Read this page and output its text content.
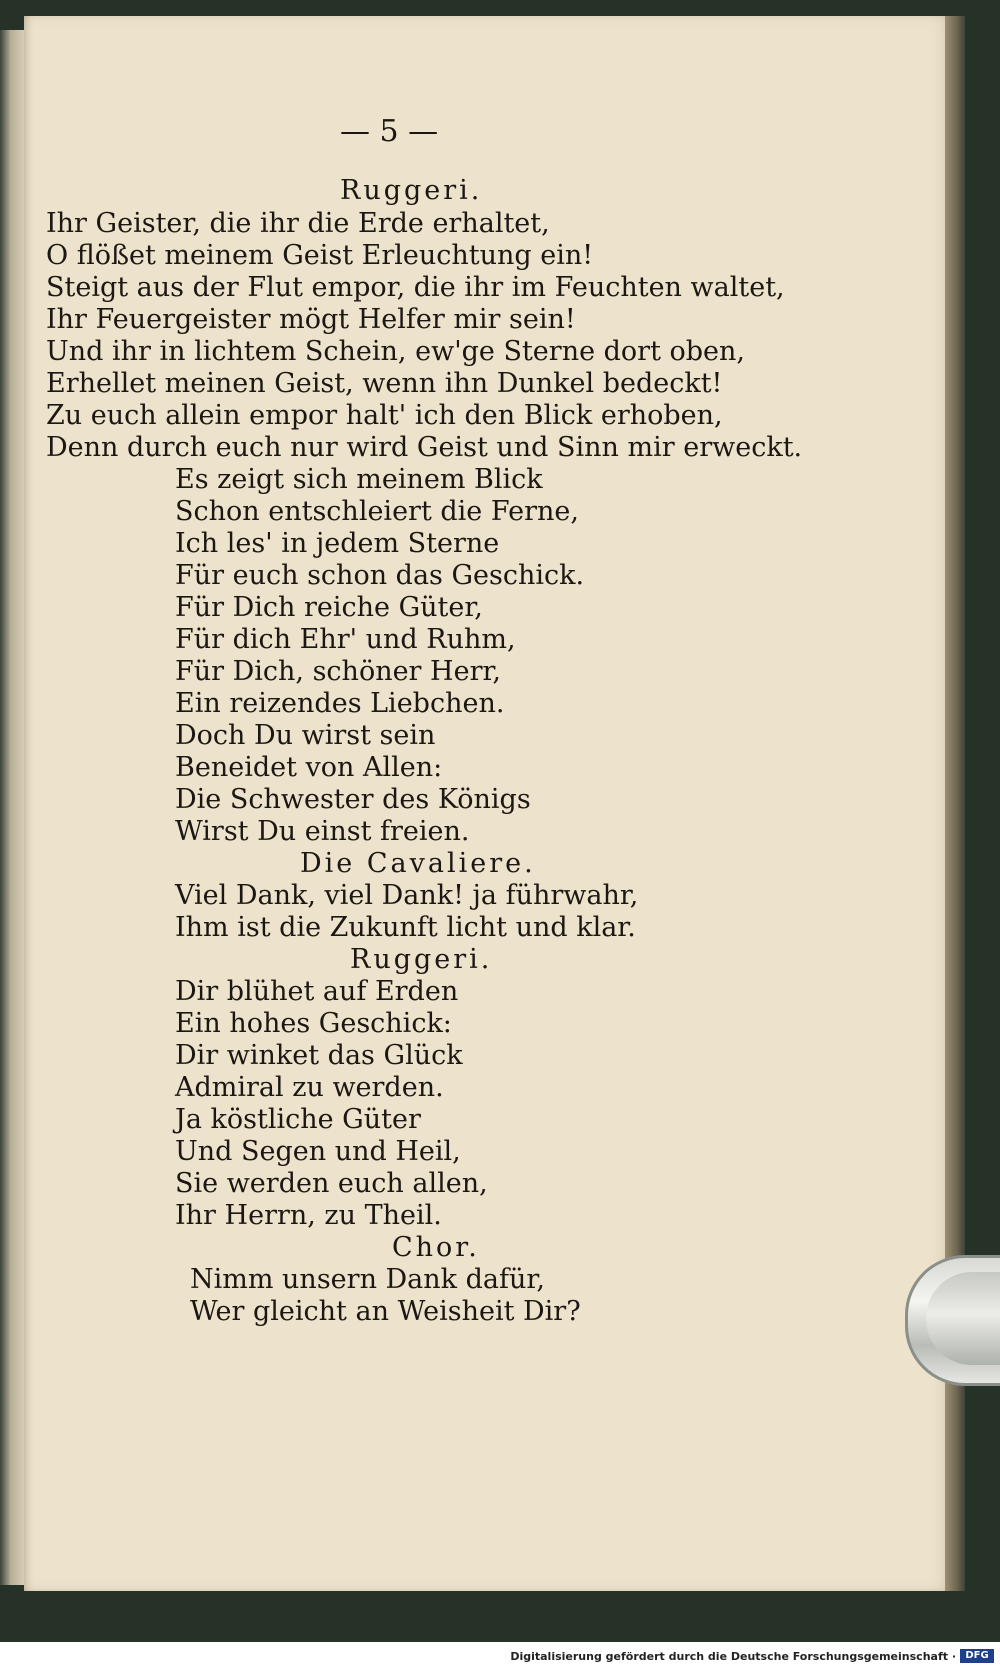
— 5 —
Ruggeri.
Ihr Geister, die ihr die Erde erhaltet,
O flößet meinem Geist Erleuchtung ein!
Steigt aus der Flut empor, die ihr im Feuchten waltet,
Ihr Feuergeister mögt Helfer mir sein!
Und ihr in lichtem Schein, ew'ge Sterne dort oben,
Erhellet meinen Geist, wenn ihn Dunkel bedeckt!
Zu euch allein empor halt' ich den Blick erhoben,
Denn durch euch nur wird Geist und Sinn mir erweckt.
Es zeigt sich meinem Blick
Schon entschleiert die Ferne,
Ich les' in jedem Sterne
Für euch schon das Geschick.
Für Dich reiche Güter,
Für dich Ehr' und Ruhm,
Für Dich, schöner Herr,
Ein reizendes Liebchen.
Doch Du wirst sein
Beneidet von Allen:
Die Schwester des Königs
Wirst Du einst freien.
Die Cavaliere.
Viel Dank, viel Dank! ja führwahr,
Ihm ist die Zukunft licht und klar.
Ruggeri.
Dir blühet auf Erden
Ein hohes Geschick:
Dir winket das Glück
Admiral zu werden.
Ja köstliche Güter
Und Segen und Heil,
Sie werden euch allen,
Ihr Herrn, zu Theil.
Chor.
Nimm unsern Dank dafür,
Wer gleicht an Weisheit Dir?
Digitalisierung gefördert durch die Deutsche Forschungsgemeinschaft · DFG
